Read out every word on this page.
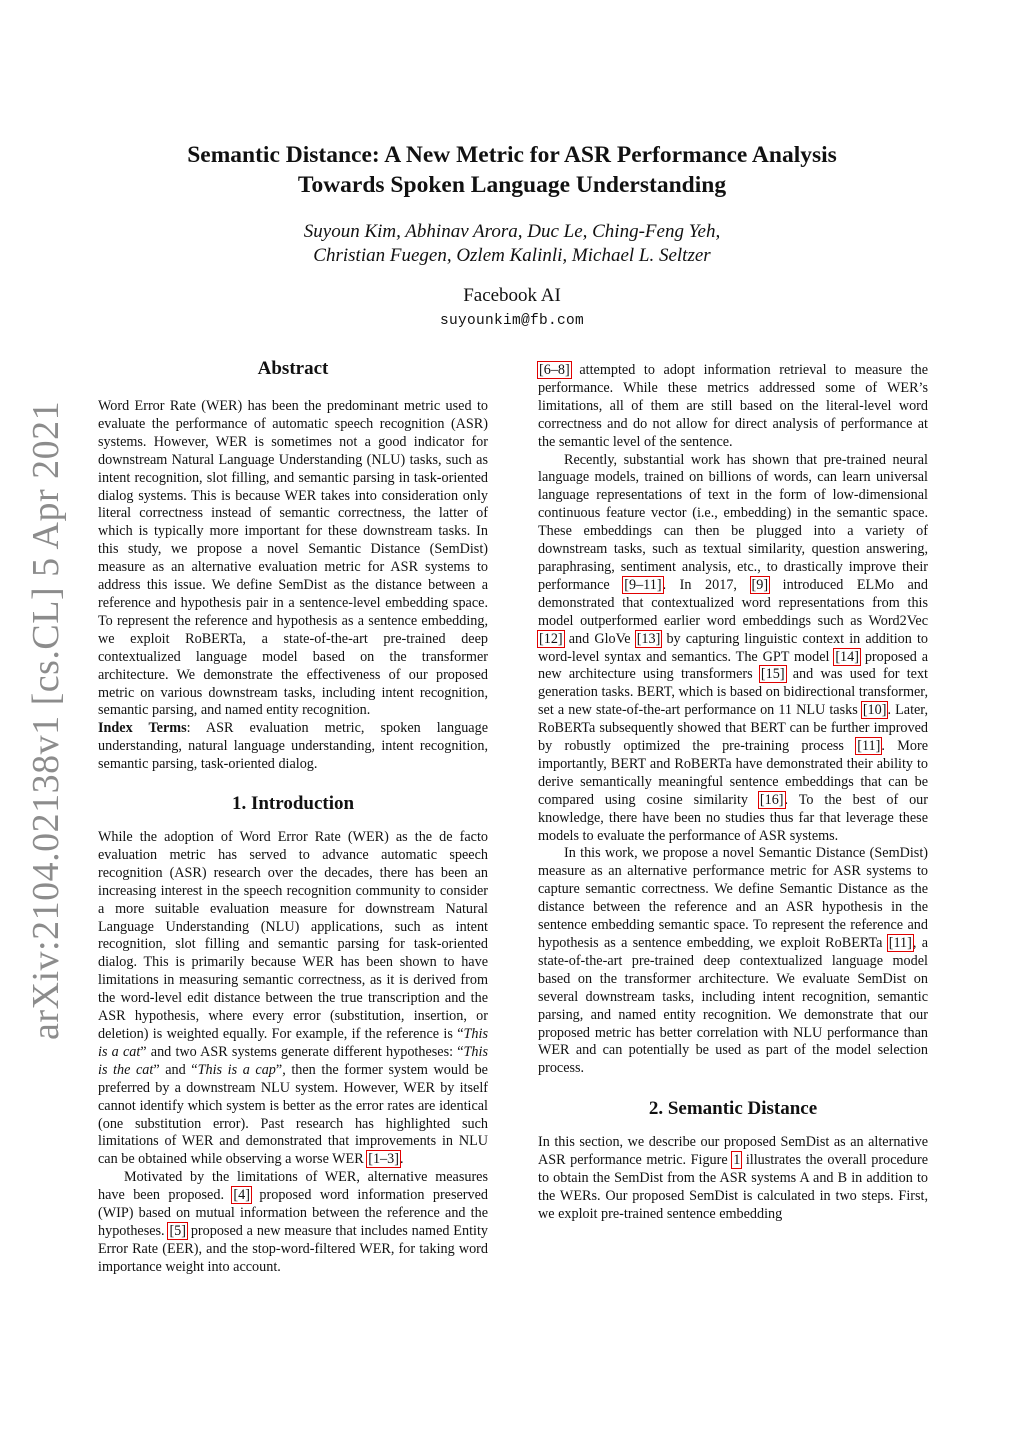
arXiv:2104.02138v1 [cs.CL] 5 Apr 2021
Semantic Distance: A New Metric for ASR Performance Analysis
Towards Spoken Language Understanding
Suyoun Kim, Abhinav Arora, Duc Le, Ching-Feng Yeh,
Christian Fuegen, Ozlem Kalinli, Michael L. Seltzer
Facebook AI
suyounkim@fb.com
Abstract

Word Error Rate (WER) has been the predominant metric used to evaluate the performance of automatic speech recognition (ASR) systems. However, WER is sometimes not a good indicator for downstream Natural Language Understanding (NLU) tasks, such as intent recognition, slot filling, and semantic parsing in task-oriented dialog systems. This is because WER takes into consideration only literal correctness instead of semantic correctness, the latter of which is typically more important for these downstream tasks. In this study, we propose a novel Semantic Distance (SemDist) measure as an alternative evaluation metric for ASR systems to address this issue. We define SemDist as the distance between a reference and hypothesis pair in a sentence-level embedding space. To represent the reference and hypothesis as a sentence embedding, we exploit RoBERTa, a state-of-the-art pre-trained deep contextualized language model based on the transformer architecture. We demonstrate the effectiveness of our proposed metric on various downstream tasks, including intent recognition, semantic parsing, and named entity recognition.

Index Terms: ASR evaluation metric, spoken language understanding, natural language understanding, intent recognition, semantic parsing, task-oriented dialog.

1. Introduction

While the adoption of Word Error Rate (WER) as the de facto evaluation metric has served to advance automatic speech recognition (ASR) research over the decades, there has been an increasing interest in the speech recognition community to consider a more suitable evaluation measure for downstream Natural Language Understanding (NLU) applications, such as intent recognition, slot filling and semantic parsing for task-oriented dialog. This is primarily because WER has been shown to have limitations in measuring semantic correctness, as it is derived from the word-level edit distance between the true transcription and the ASR hypothesis, where every error (substitution, insertion, or deletion) is weighted equally. For example, if the reference is “This is a cat” and two ASR systems generate different hypotheses: “This is the cat” and “This is a cap”, then the former system would be preferred by a downstream NLU system. However, WER by itself cannot identify which system is better as the error rates are identical (one substitution error). Past research has highlighted such limitations of WER and demonstrated that improvements in NLU can be obtained while observing a worse WER [1–3].

Motivated by the limitations of WER, alternative measures have been proposed. [4] proposed word information preserved (WIP) based on mutual information between the reference and the hypotheses. [5] proposed a new measure that includes named Entity Error Rate (EER), and the stop-word-filtered WER, for taking word importance weight into account.

[6–8] attempted to adopt information retrieval to measure the performance. While these metrics addressed some of WER’s limitations, all of them are still based on the literal-level word correctness and do not allow for direct analysis of performance at the semantic level of the sentence.

Recently, substantial work has shown that pre-trained neural language models, trained on billions of words, can learn universal language representations of text in the form of low-dimensional continuous feature vector (i.e., embedding) in the semantic space. These embeddings can then be plugged into a variety of downstream tasks, such as textual similarity, question answering, paraphrasing, sentiment analysis, etc., to drastically improve their performance [9–11]. In 2017, [9] introduced ELMo and demonstrated that contextualized word representations from this model outperformed earlier word embeddings such as Word2Vec [12] and GloVe [13] by capturing linguistic context in addition to word-level syntax and semantics. The GPT model [14] proposed a new architecture using transformers [15] and was used for text generation tasks. BERT, which is based on bidirectional transformer, set a new state-of-the-art performance on 11 NLU tasks [10]. Later, RoBERTa subsequently showed that BERT can be further improved by robustly optimized the pre-training process [11]. More importantly, BERT and RoBERTa have demonstrated their ability to derive semantically meaningful sentence embeddings that can be compared using cosine similarity [16]. To the best of our knowledge, there have been no studies thus far that leverage these models to evaluate the performance of ASR systems.

In this work, we propose a novel Semantic Distance (SemDist) measure as an alternative performance metric for ASR systems to capture semantic correctness. We define Semantic Distance as the distance between the reference and an ASR hypothesis in the sentence embedding semantic space. To represent the reference and hypothesis as a sentence embedding, we exploit RoBERTa [11], a state-of-the-art pre-trained deep contextualized language model based on the transformer architecture. We evaluate SemDist on several downstream tasks, including intent recognition, semantic parsing, and named entity recognition. We demonstrate that our proposed metric has better correlation with NLU performance than WER and can potentially be used as part of the model selection process.

2. Semantic Distance

In this section, we describe our proposed SemDist as an alternative ASR performance metric. Figure 1 illustrates the overall procedure to obtain the SemDist from the ASR systems A and B in addition to the WERs. Our proposed SemDist is calculated in two steps. First, we exploit pre-trained sentence embedding
